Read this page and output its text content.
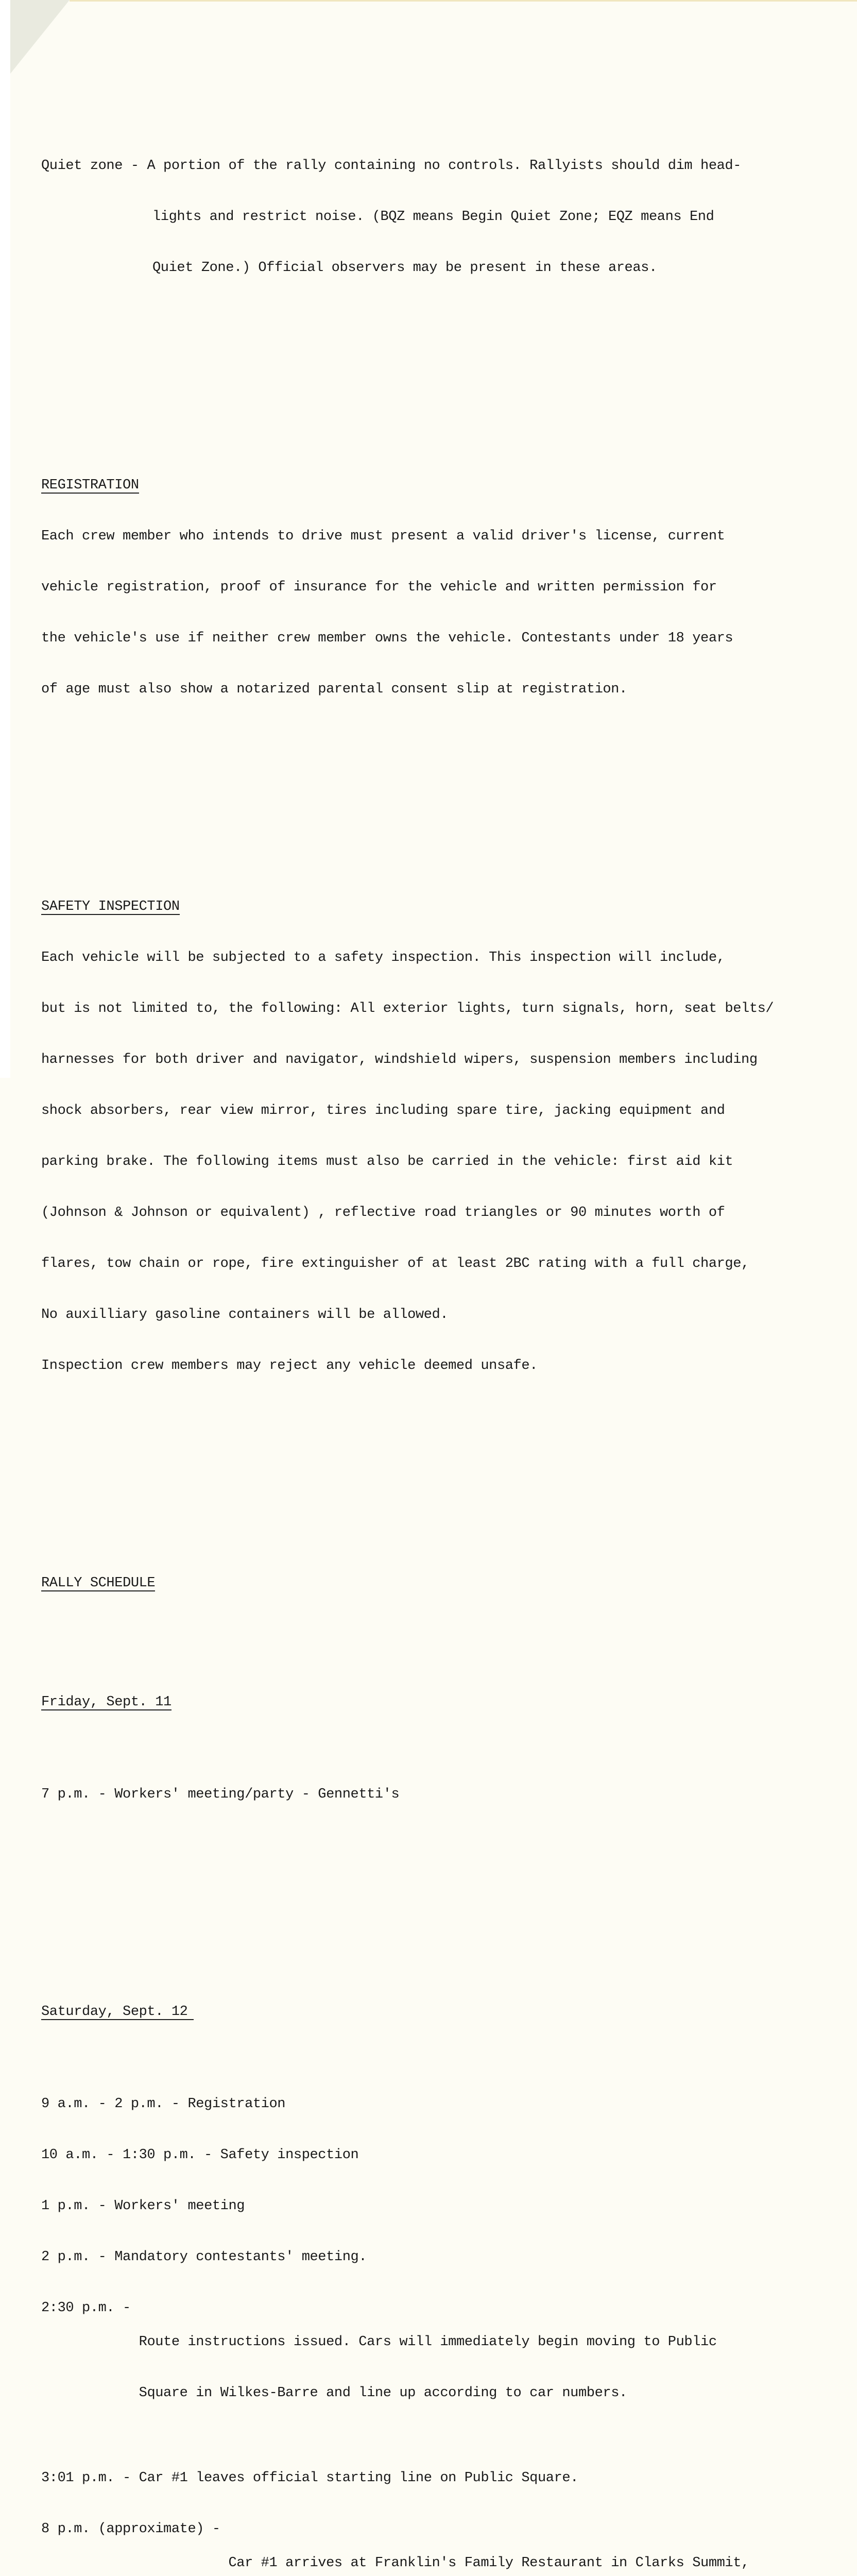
Quiet zone - A portion of the rally containing no controls. Rallyists should dim head-

lights and restrict noise. (BQZ means Begin Quiet Zone; EQZ means End

Quiet Zone.) Official observers may be present in these areas.

REGISTRATION

Each crew member who intends to drive must present a valid driver's license, current

vehicle registration, proof of insurance for the vehicle and written permission for

the vehicle's use if neither crew member owns the vehicle. Contestants under 18 years

of age must also show a notarized parental consent slip at registration.

SAFETY INSPECTION

Each vehicle will be subjected to a safety inspection. This inspection will include,

but is not limited to, the following: All exterior lights, turn signals, horn, seat belts/

harnesses for both driver and navigator, windshield wipers, suspension members including

shock absorbers, rear view mirror, tires including spare tire, jacking equipment and

parking brake. The following items must also be carried in the vehicle: first aid kit

(Johnson & Johnson or equivalent) , reflective road triangles or 90 minutes worth of

flares, tow chain or rope, fire extinguisher of at least 2BC rating with a full charge,

No auxilliary gasoline containers will be allowed.

Inspection crew members may reject any vehicle deemed unsafe.

RALLY SCHEDULE

Friday, Sept. 11

7 p.m. - Workers' meeting/party - Gennetti's

Saturday, Sept. 12

9 a.m. - 2 p.m. - Registration

10 a.m. - 1:30 p.m. - Safety inspection

1 p.m. - Workers' meeting

2 p.m. - Mandatory contestants' meeting.

2:30 p.m. -

Route instructions issued. Cars will immediately begin moving to Public

Square in Wilkes-Barre and line up according to car numbers.

3:01 p.m. - Car #1 leaves official starting line on Public Square.

8 p.m. (approximate) -

Car #1 arrives at Franklin's Family Restaurant in Clarks Summit,
